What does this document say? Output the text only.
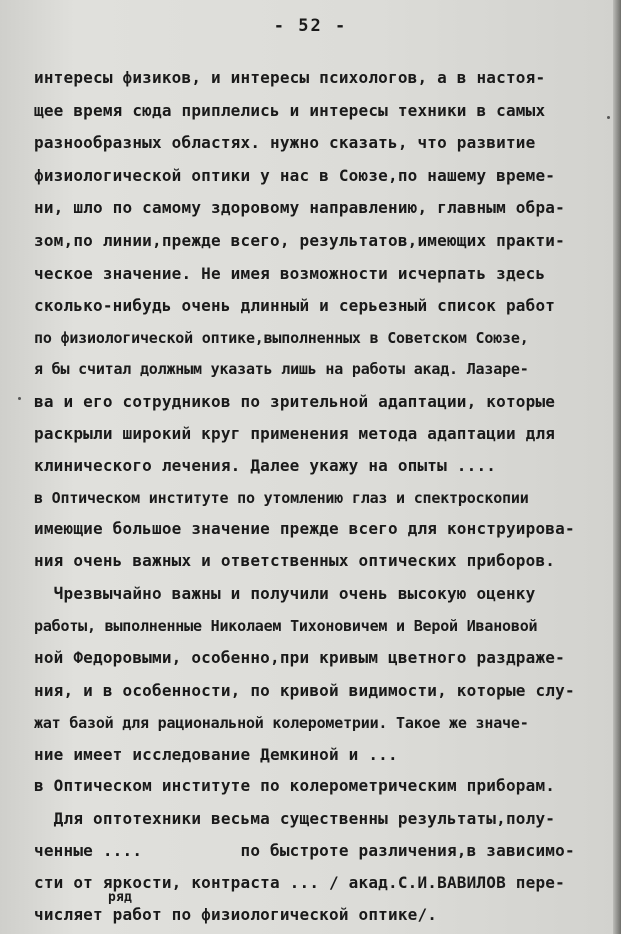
- 52 -
интересы физиков, и интересы психологов, а в настоя-
щее время сюда приплелись и интересы техники в самых
разнообразных областях. нужно сказать, что развитие
физиологической оптики у нас в Союзе,по нашему време-
ни, шло по самому здоровому направлению, главным обра-
зом,по линии,прежде всего, результатов,имеющих практи-
ческое значение. Не имея возможности исчерпать здесь
сколько-нибудь очень длинный и серьезный список работ
по физиологической оптике,выполненных в Советском Союзе,
я бы считал должным указать лишь на работы акад. Лазаре-
ва и его сотрудников по зрительной адаптации, которые
раскрыли широкий круг применения метода адаптации для
клинического лечения. Далее укажу на опыты ....
в Оптическом институте по утомлению глаз и спектроскопии
имеющие большое значение прежде всего для конструирова-
ния очень важных и ответственных оптических приборов.
Чрезвычайно важны и получили очень высокую оценку
работы, выполненные Николаем Тихоновичем и Верой Ивановой
ной Федоровыми, особенно,при кривым цветного раздраже-
ния, и в особенности, по кривой видимости, которые слу-
жат базой для рациональной колерометрии. Такое же значе-
ние имеет исследование Демкиной и ...
в Оптическом институте по колерометрическим приборам.
Для оптотехники весьма существенны результаты,полу-
ченные ....          по быстроте различения,в зависимо-
сти от яркости, контраста ... / акад.С.И.ВАВИЛОВ пере-
ряд
числяет работ по физиологической оптике/.
